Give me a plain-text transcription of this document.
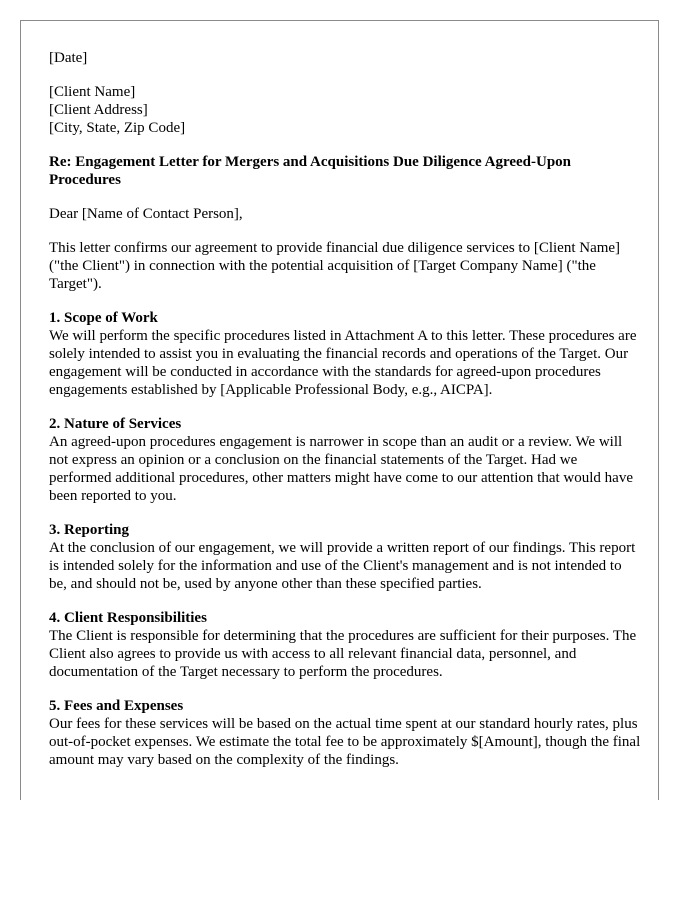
[Date]
[Client Name]
[Client Address]
[City, State, Zip Code]

Re: Engagement Letter for Mergers and Acquisitions Due Diligence Agreed-Upon Procedures

Dear [Name of Contact Person],

This letter confirms our agreement to provide financial due diligence services to [Client Name] ("the Client") in connection with the potential acquisition of [Target Company Name] ("the Target").

1. Scope of Work
We will perform the specific procedures listed in Attachment A to this letter. These procedures are solely intended to assist you in evaluating the financial records and operations of the Target. Our engagement will be conducted in accordance with the standards for agreed-upon procedures engagements established by [Applicable Professional Body, e.g., AICPA].
2. Nature of Services
An agreed-upon procedures engagement is narrower in scope than an audit or a review. We will not express an opinion or a conclusion on the financial statements of the Target. Had we performed additional procedures, other matters might have come to our attention that would have been reported to you.
3. Reporting
At the conclusion of our engagement, we will provide a written report of our findings. This report is intended solely for the information and use of the Client's management and is not intended to be, and should not be, used by anyone other than these specified parties.
4. Client Responsibilities
The Client is responsible for determining that the procedures are sufficient for their purposes. The Client also agrees to provide us with access to all relevant financial data, personnel, and documentation of the Target necessary to perform the procedures.
5. Fees and Expenses
Our fees for these services will be based on the actual time spent at our standard hourly rates, plus out-of-pocket expenses. We estimate the total fee to be approximately $[Amount], though the final amount may vary based on the complexity of the findings.
